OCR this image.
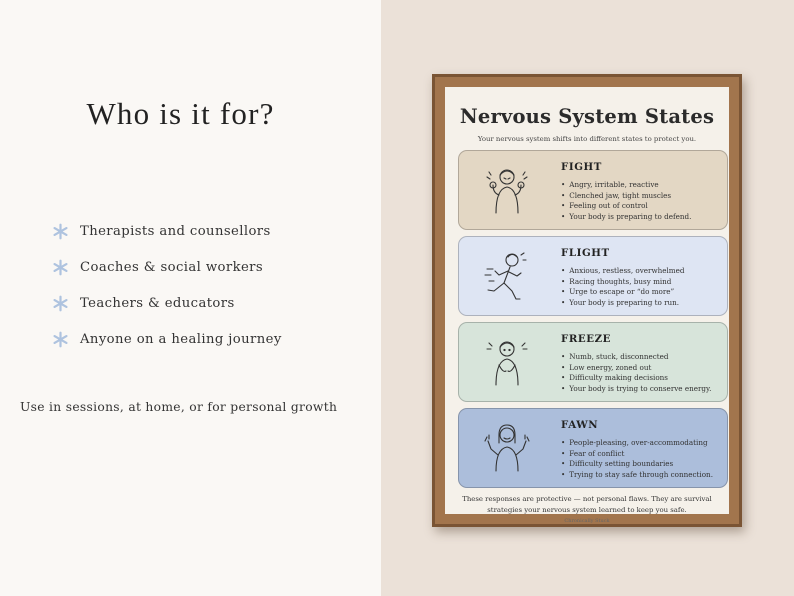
Who is it for?
Therapists and counsellors
Coaches & social workers
Teachers & educators
Anyone on a healing journey
Use in sessions, at home, or for personal growth
Nervous System States
Your nervous system shifts into different states to protect you.
FIGHT
• Angry, irritable, reactive
• Clenched jaw, tight muscles
• Feeling out of control
• Your body is preparing to defend.
FLIGHT
• Anxious, restless, overwhelmed
• Racing thoughts, busy mind
• Urge to escape or “do more”
• Your body is preparing to run.
FREEZE
• Numb, stuck, disconnected
• Low energy, zoned out
• Difficulty making decisions
• Your body is trying to conserve energy.
FAWN
• People-pleasing, over-accommodating
• Fear of conflict
• Difficulty setting boundaries
• Trying to stay safe through connection.
These responses are protective — not personal flaws. They are survival
strategies your nervous system learned to keep you safe.
Chronically Stuck
